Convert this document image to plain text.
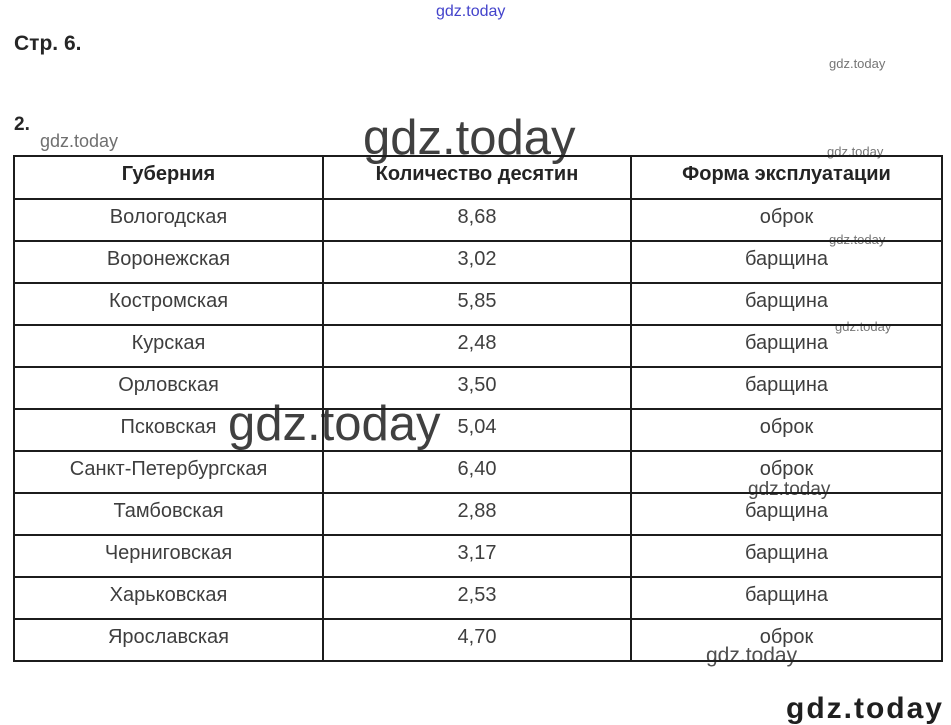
Стр. 6.
2.
gdz.today
gdz.today
gdz.today	gdz.today	gdz.today
gdz.today
gdz.today
gdz.today
gdz.today
gdz.today
Губерния	Количество десятин	Форма эксплуатации
Вологодская	8,68	оброк
Воронежская	3,02	барщина
Костромская	5,85	барщина
Курская	2,48	барщина
Орловская	3,50	барщина
Псковская	5,04	оброк
Санкт-Петербургская	6,40	оброк
Тамбовская	2,88	барщина
Черниговская	3,17	барщина
Харьковская	2,53	барщина
Ярославская	4,70	оброк
gdz.today
